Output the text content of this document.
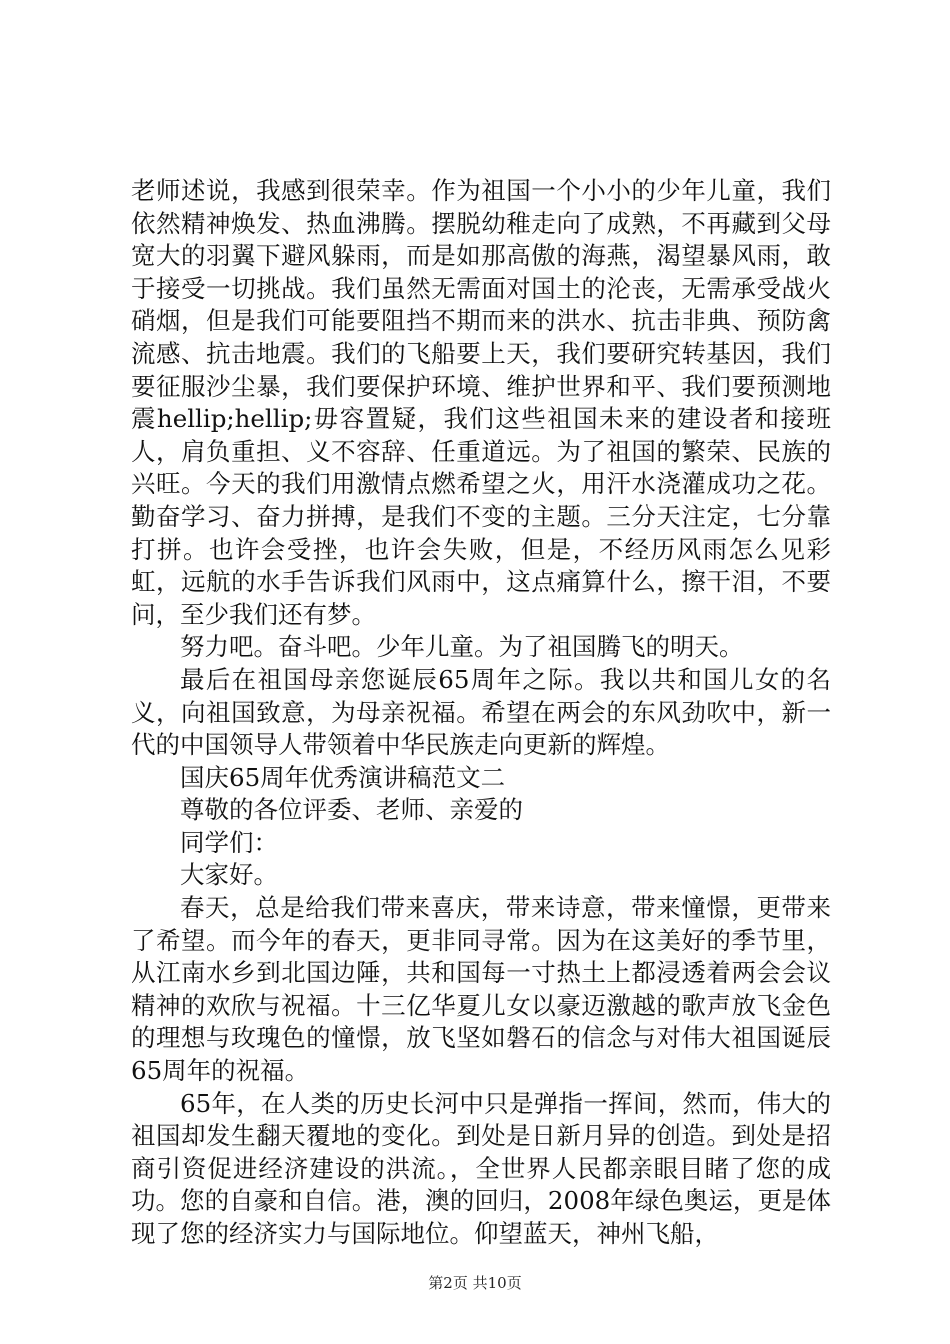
老师述说，我感到很荣幸。作为祖国一个小小的少年儿童，我们依然精神焕发、热血沸腾。摆脱幼稚走向了成熟，不再藏到父母宽大的羽翼下避风躲雨，而是如那高傲的海燕，渴望暴风雨，敢于接受一切挑战。我们虽然无需面对国土的沦丧，无需承受战火硝烟，但是我们可能要阻挡不期而来的洪水、抗击非典、预防禽流感、抗击地震。我们的飞船要上天，我们要研究转基因，我们要征服沙尘暴，我们要保护环境、维护世界和平、我们要预测地震hellip;hellip;毋容置疑，我们这些祖国未来的建设者和接班人，肩负重担、义不容辞、任重道远。为了祖国的繁荣、民族的兴旺。今天的我们用激情点燃希望之火，用汗水浇灌成功之花。勤奋学习、奋力拼搏，是我们不变的主题。三分天注定，七分靠打拼。也许会受挫，也许会失败，但是，不经历风雨怎么见彩虹，远航的水手告诉我们风雨中，这点痛算什么，擦干泪，不要问，至少我们还有梦。

努力吧。奋斗吧。少年儿童。为了祖国腾飞的明天。

最后在祖国母亲您诞辰65周年之际。我以共和国儿女的名义，向祖国致意，为母亲祝福。希望在两会的东风劲吹中，新一代的中国领导人带领着中华民族走向更新的辉煌。

国庆65周年优秀演讲稿范文二

尊敬的各位评委、老师、亲爱的

同学们：

大家好。

春天，总是给我们带来喜庆，带来诗意，带来憧憬，更带来了希望。而今年的春天，更非同寻常。因为在这美好的季节里，从江南水乡到北国边陲，共和国每一寸热土上都浸透着两会会议精神的欢欣与祝福。十三亿华夏儿女以豪迈激越的歌声放飞金色的理想与玫瑰色的憧憬，放飞坚如磐石的信念与对伟大祖国诞辰65周年的祝福。

65年，在人类的历史长河中只是弹指一挥间，然而，伟大的祖国却发生翻天覆地的变化。到处是日新月异的创造。到处是招商引资促进经济建设的洪流。，全世界人民都亲眼目睹了您的成功。您的自豪和自信。港，澳的回归，2008年绿色奥运，更是体现了您的经济实力与国际地位。仰望蓝天，神州飞船，

第2页 共10页
